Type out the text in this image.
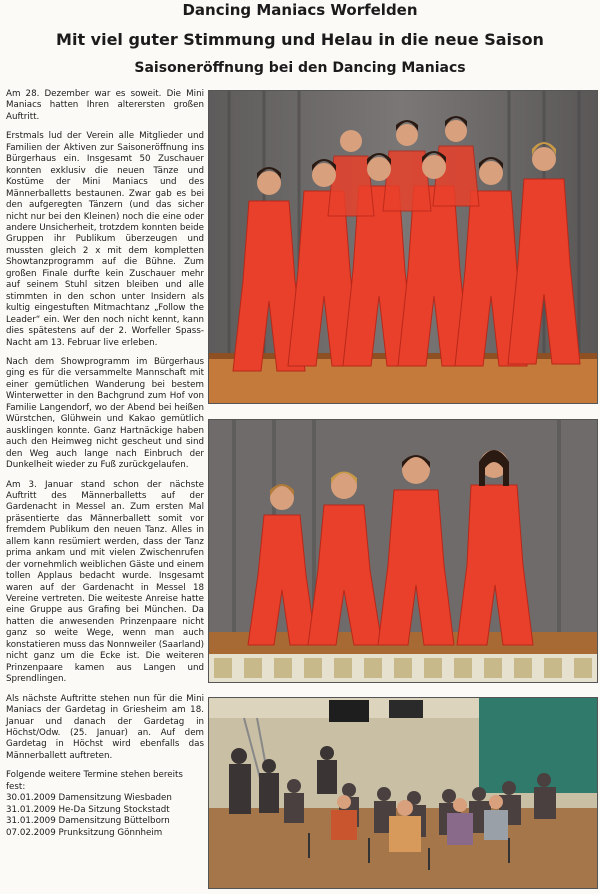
Dancing Maniacs Worfelden
Mit viel guter Stimmung und Helau in die neue Saison
Saisoneröffnung bei den Dancing Maniacs

Am 28. Dezember war es soweit. Die Mini Maniacs hatten Ihren alterersten großen Auftritt.

Erstmals lud der Verein alle Mitglieder und Familien der Aktiven zur Saisoneröffnung ins Bürgerhaus ein. Insgesamt 50 Zuschauer konnten exklusiv die neuen Tänze und Kostüme der Mini Maniacs und des Männerballetts bestaunen. Zwar gab es bei den aufgeregten Tänzern (und das sicher nicht nur bei den Kleinen) noch die eine oder andere Unsicherheit, trotzdem konnten beide Gruppen ihr Publikum überzeugen und mussten gleich 2 x mit dem kompletten Showtanzprogramm auf die Bühne. Zum großen Finale durfte kein Zuschauer mehr auf seinem Stuhl sitzen bleiben und alle stimmten in den schon unter Insidern als kultig eingestuften Mitmachtanz „Follow the Leader“ ein. Wer den noch nicht kennt, kann dies spätestens auf der 2. Worfeller Spass-Nacht am 13. Februar live erleben.

Nach dem Showprogramm im Bürgerhaus ging es für die versammelte Mannschaft mit einer gemütlichen Wanderung bei bestem Winterwetter in den Bachgrund zum Hof von Familie Langendorf, wo der Abend bei heißen Würstchen, Glühwein und Kakao gemütlich ausklingen konnte. Ganz Hartnäckige haben auch den Heimweg nicht gescheut und sind den Weg auch lange nach Einbruch der Dunkelheit wieder zu Fuß zurückgelaufen.

Am 3. Januar stand schon der nächste Auftritt des Männerballetts auf der Gardenacht in Messel an. Zum ersten Mal präsentierte das Männerballett somit vor fremdem Publikum den neuen Tanz. Alles in allem kann resümiert werden, dass der Tanz prima ankam und mit vielen Zwischenrufen der vornehmlich weiblichen Gäste und einem tollen Applaus bedacht wurde. Insgesamt waren auf der Gardenacht in Messel 18 Vereine vertreten. Die weiteste Anreise hatte eine Gruppe aus Grafing bei München. Da hatten die anwesenden Prinzenpaare nicht ganz so weite Wege, wenn man auch konstatieren muss das Nonnweiler (Saarland) nicht ganz um die Ecke ist. Die weiteren Prinzenpaare kamen aus Langen und Sprendlingen.

Als nächste Auftritte stehen nun für die Mini Maniacs der Gardetag in Griesheim am 18. Januar und danach der Gardetag in Höchst/Odw. (25. Januar) an. Auf dem Gardetag in Höchst wird ebenfalls das Männerballett auftreten.

Folgende weitere Termine stehen bereits fest:

30.01.2009 Damensitzung Wiesbaden
31.01.2009 He-Da Sitzung Stockstadt
31.01.2009 Damensitzung Büttelborn
07.02.2009 Prunksitzung Gönnheim
